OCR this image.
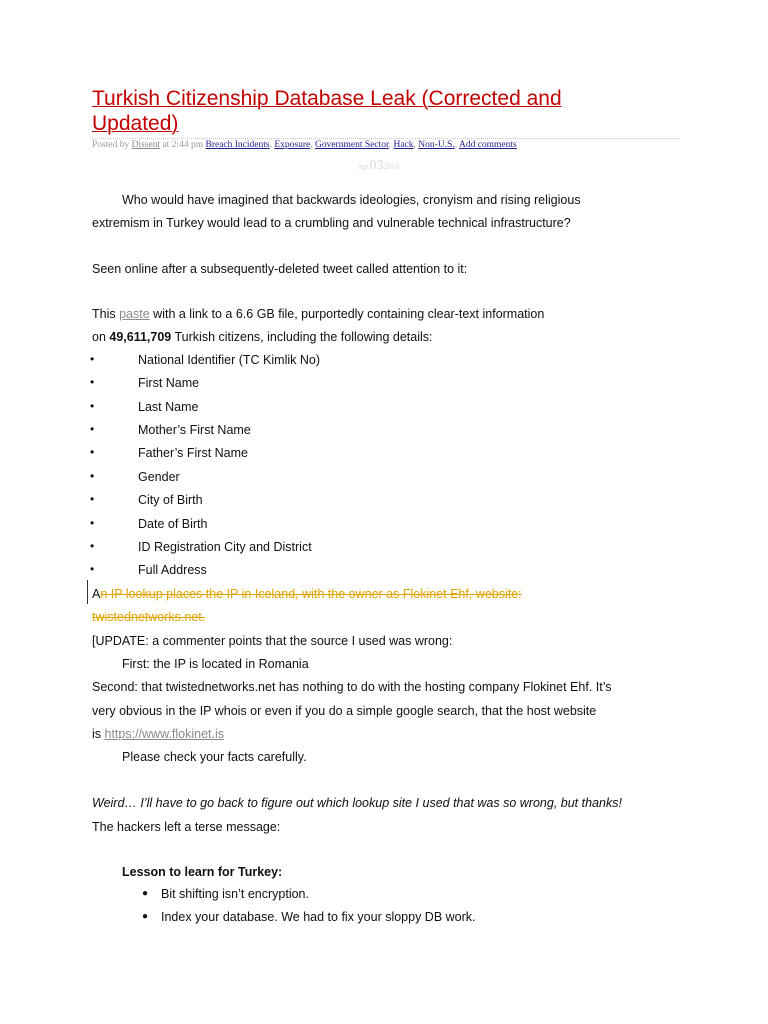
Turkish Citizenship Database Leak (Corrected and
Updated)
Posted by Dissent at 2:44 pm Breach Incidents, Exposure, Government Sector, Hack, Non-U.S., Add comments
Apr032016
Who would have imagined that backwards ideologies, cronyism and rising religious
extremism in Turkey would lead to a crumbling and vulnerable technical infrastructure?
Seen online after a subsequently-deleted tweet called attention to it:
This paste with a link to a 6.6 GB file, purportedly containing clear-text information
on 49,611,709 Turkish citizens, including the following details:
•	National Identifier (TC Kimlik No)
•	First Name
•	Last Name
•	Mother’s First Name
•	Father’s First Name
•	Gender
•	City of Birth
•	Date of Birth
•	ID Registration City and District
•	Full Address
An IP lookup places the IP in Iceland, with the owner as Flokinet Ehf, website:
twistednetworks.net.
[UPDATE: a commenter points that the source I used was wrong:
First: the IP is located in Romania
Second: that twistednetworks.net has nothing to do with the hosting company Flokinet Ehf. It’s
very obvious in the IP whois or even if you do a simple google search, that the host website
is https://www.flokinet.is
Please check your facts carefully.
Weird… I’ll have to go back to figure out which lookup site I used that was so wrong, but thanks!
The hackers left a terse message:
Lesson to learn for Turkey:
● Bit shifting isn’t encryption.
● Index your database. We had to fix your sloppy DB work.
